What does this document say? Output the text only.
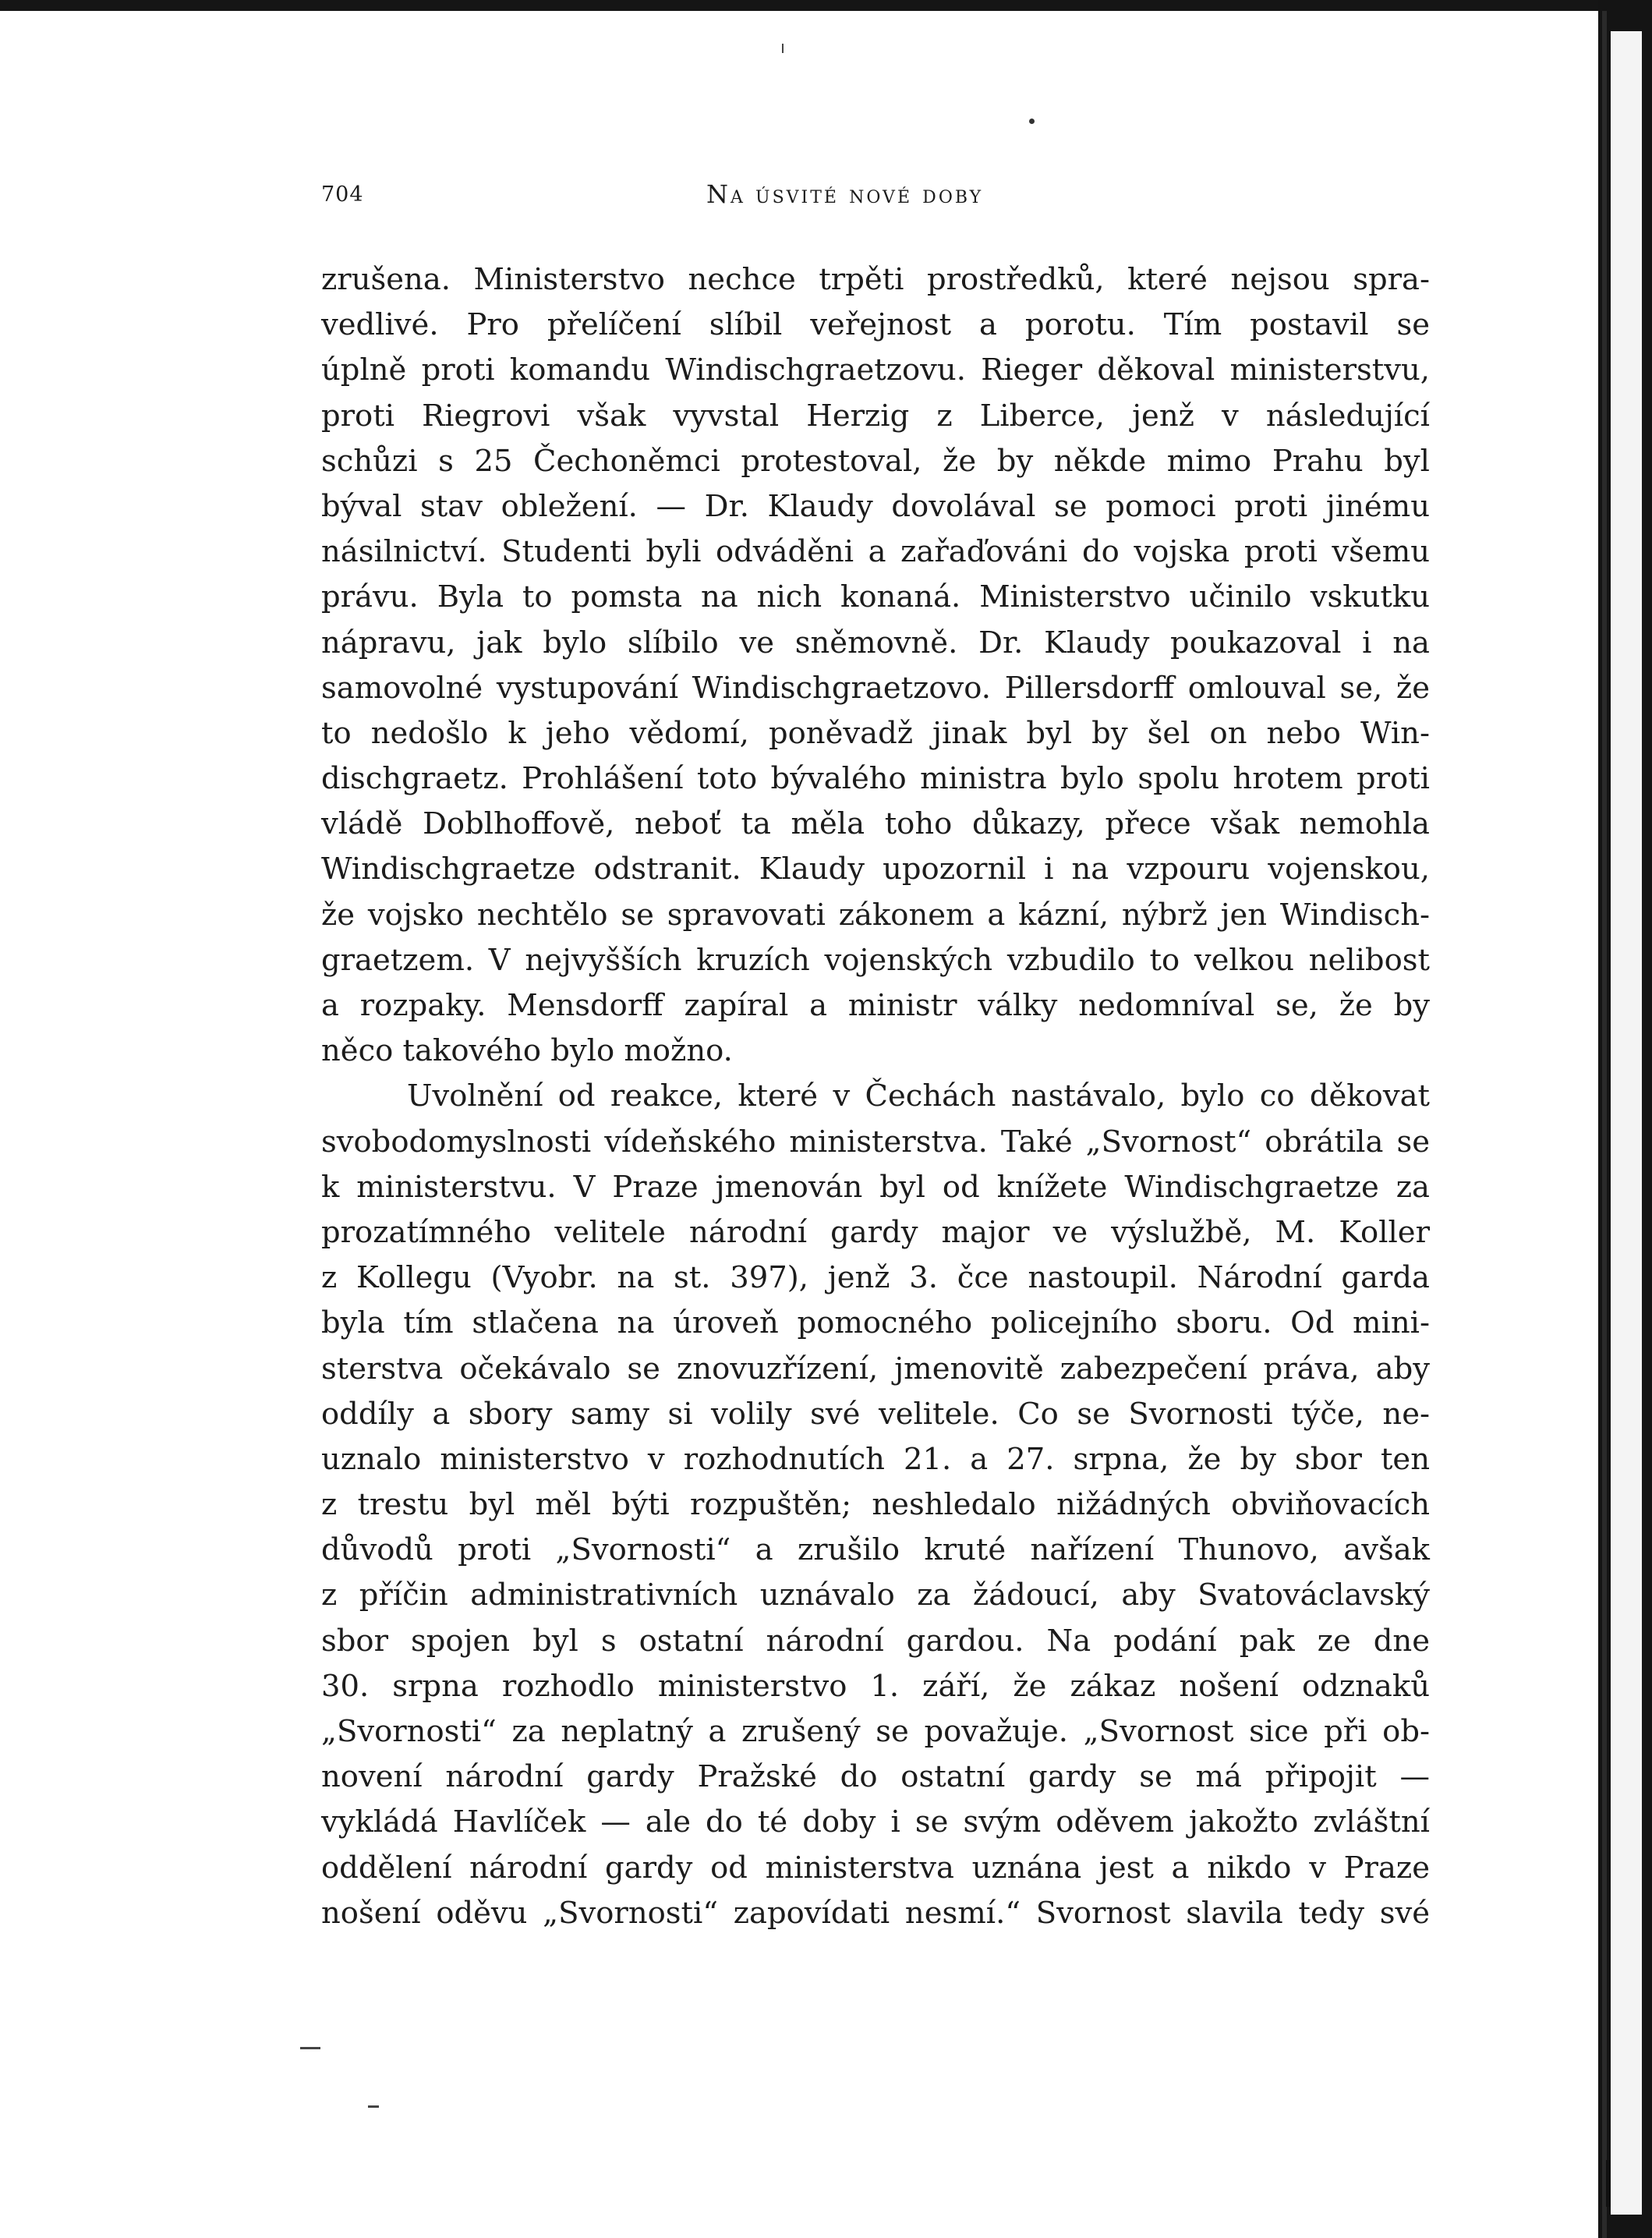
704	Na úsvité nové doby
zrušena. Ministerstvo nechce trpěti prostředků, které nejsou spra-
vedlivé. Pro přelíčení slíbil veřejnost a porotu. Tím postavil se
úplně proti komandu Windischgraetzovu. Rieger děkoval ministerstvu,
proti Riegrovi však vyvstal Herzig z Liberce, jenž v následující
schůzi s 25 Čechoněmci protestoval, že by někde mimo Prahu byl
býval stav obležení. — Dr. Klaudy dovolával se pomoci proti jinému
násilnictví. Studenti byli odváděni a zařaďováni do vojska proti všemu
právu. Byla to pomsta na nich konaná. Ministerstvo učinilo vskutku
nápravu, jak bylo slíbilo ve sněmovně. Dr. Klaudy poukazoval i na
samovolné vystupování Windischgraetzovo. Pillersdorff omlouval se, že
to nedošlo k jeho vědomí, poněvadž jinak byl by šel on nebo Win-
dischgraetz. Prohlášení toto bývalého ministra bylo spolu hrotem proti
vládě Doblhoffově, neboť ta měla toho důkazy, přece však nemohla
Windischgraetze odstranit. Klaudy upozornil i na vzpouru vojenskou,
že vojsko nechtělo se spravovati zákonem a kázní, nýbrž jen Windisch-
graetzem. V nejvyšších kruzích vojenských vzbudilo to velkou nelibost
a rozpaky. Mensdorff zapíral a ministr války nedomníval se, že by
něco takového bylo možno.
Uvolnění od reakce, které v Čechách nastávalo, bylo co děkovat
svobodomyslnosti vídeňského ministerstva. Také „Svornost“ obrátila se
k ministerstvu. V Praze jmenován byl od knížete Windischgraetze za
prozatímného velitele národní gardy major ve výslužbě, M. Koller
z Kollegu (Vyobr. na st. 397), jenž 3. čce nastoupil. Národní garda
byla tím stlačena na úroveň pomocného policejního sboru. Od mini-
sterstva očekávalo se znovuzřízení, jmenovitě zabezpečení práva, aby
oddíly a sbory samy si volily své velitele. Co se Svornosti týče, ne-
uznalo ministerstvo v rozhodnutích 21. a 27. srpna, že by sbor ten
z trestu byl měl býti rozpuštěn; neshledalo nižádných obviňovacích
důvodů proti „Svornosti“ a zrušilo kruté nařízení Thunovo, avšak
z příčin administrativních uznávalo za žádoucí, aby Svatováclavský
sbor spojen byl s ostatní národní gardou. Na podání pak ze dne
30. srpna rozhodlo ministerstvo 1. září, že zákaz nošení odznaků
„Svornosti“ za neplatný a zrušený se považuje. „Svornost sice při ob-
novení národní gardy Pražské do ostatní gardy se má připojit —
vykládá Havlíček — ale do té doby i se svým oděvem jakožto zvláštní
oddělení národní gardy od ministerstva uznána jest a nikdo v Praze
nošení oděvu „Svornosti“ zapovídati nesmí.“ Svornost slavila tedy své
